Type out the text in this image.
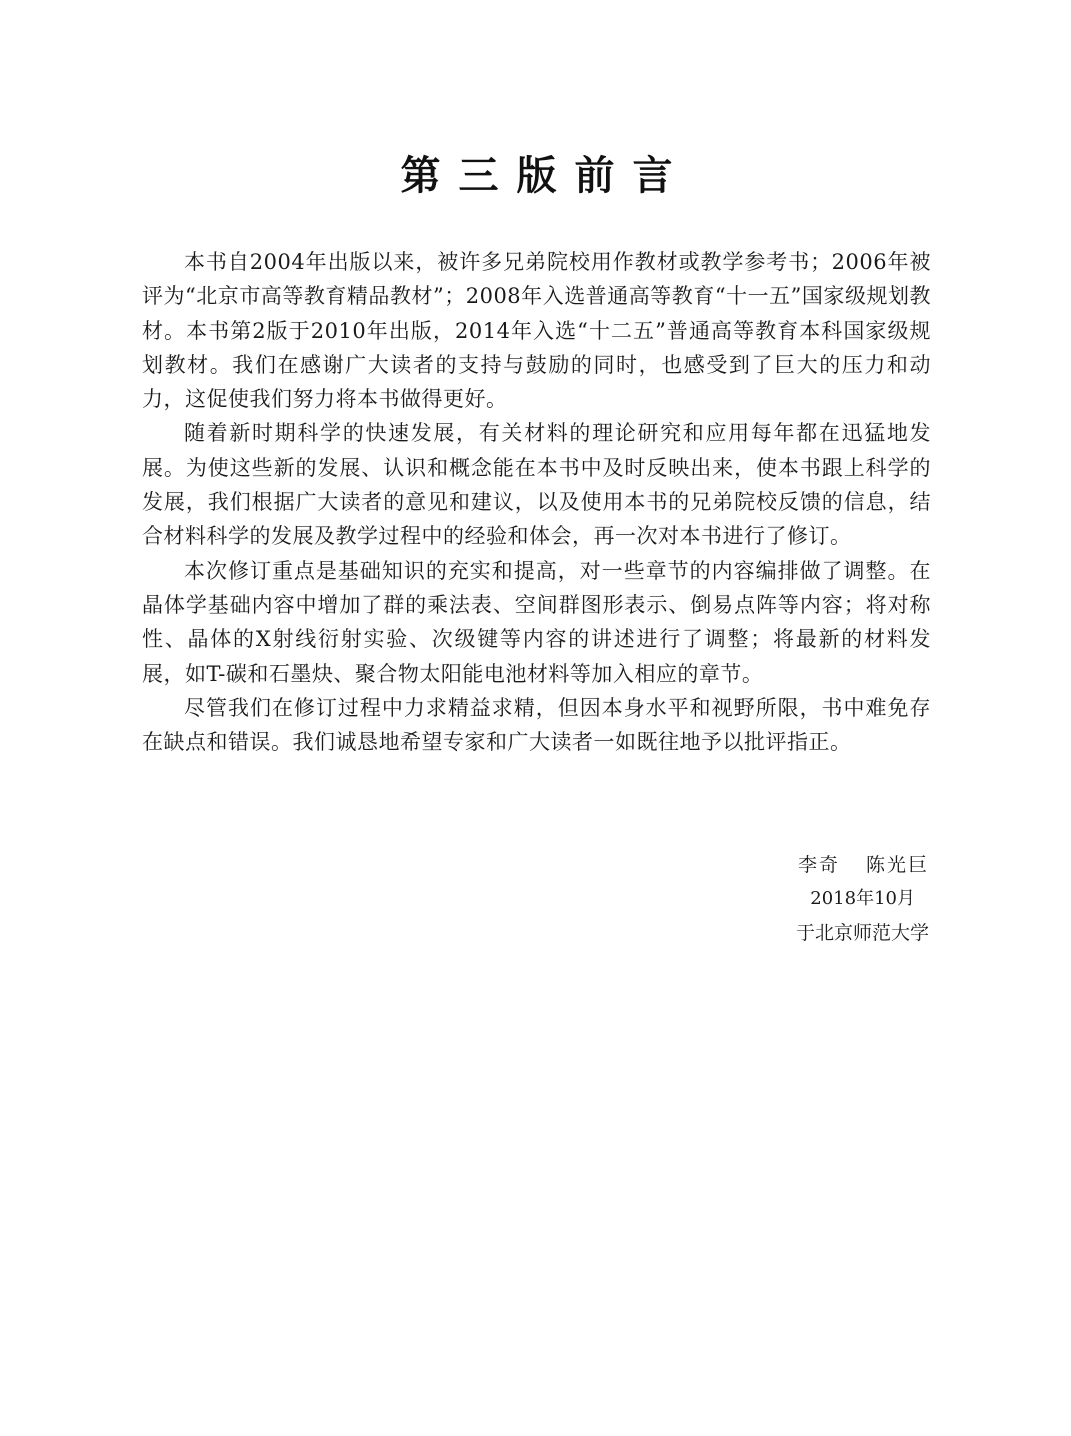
第三版前言

本书自2004年出版以来，被许多兄弟院校用作教材或教学参考书；2006年被评为“北京市高等教育精品教材”；2008年入选普通高等教育“十一五”国家级规划教材。本书第2版于2010年出版，2014年入选“十二五”普通高等教育本科国家级规划教材。我们在感谢广大读者的支持与鼓励的同时，也感受到了巨大的压力和动力，这促使我们努力将本书做得更好。

随着新时期科学的快速发展，有关材料的理论研究和应用每年都在迅猛地发展。为使这些新的发展、认识和概念能在本书中及时反映出来，使本书跟上科学的发展，我们根据广大读者的意见和建议，以及使用本书的兄弟院校反馈的信息，结合材料科学的发展及教学过程中的经验和体会，再一次对本书进行了修订。

本次修订重点是基础知识的充实和提高，对一些章节的内容编排做了调整。在晶体学基础内容中增加了群的乘法表、空间群图形表示、倒易点阵等内容；将对称性、晶体的X射线衍射实验、次级键等内容的讲述进行了调整；将最新的材料发展，如T-碳和石墨炔、聚合物太阳能电池材料等加入相应的章节。

尽管我们在修订过程中力求精益求精，但因本身水平和视野所限，书中难免存在缺点和错误。我们诚恳地希望专家和广大读者一如既往地予以批评指正。

李奇 陈光巨
2018年10月
于北京师范大学
